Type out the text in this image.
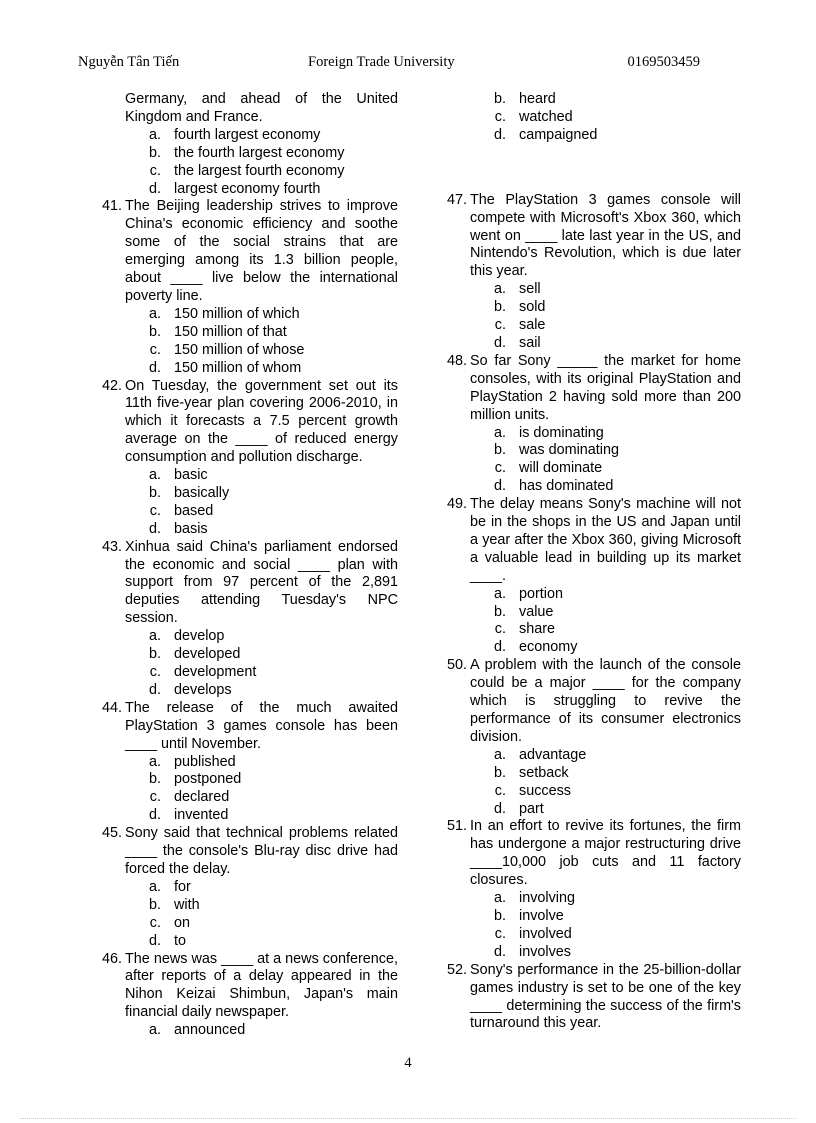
Nguyễn Tân Tiến	Foreign Trade University	0169503459
Germany, and ahead of the United Kingdom and France.
a. fourth largest economy
b. the fourth largest economy
c. the largest fourth economy
d. largest economy fourth
41. The Beijing leadership strives to improve China's economic efficiency and soothe some of the social strains that are emerging among its 1.3 billion people, about ____ live below the international poverty line.
a. 150 million of which
b. 150 million of that
c. 150 million of whose
d. 150 million of whom
42. On Tuesday, the government set out its 11th five-year plan covering 2006-2010, in which it forecasts a 7.5 percent growth average on the ____ of reduced energy consumption and pollution discharge.
a. basic
b. basically
c. based
d. basis
43. Xinhua said China's parliament endorsed the economic and social ____ plan with support from 97 percent of the 2,891 deputies attending Tuesday's NPC session.
a. develop
b. developed
c. development
d. develops
44. The release of the much awaited PlayStation 3 games console has been ____ until November.
a. published
b. postponed
c. declared
d. invented
45. Sony said that technical problems related ____ the console's Blu-ray disc drive had forced the delay.
a. for
b. with
c. on
d. to
46. The news was ____ at a news conference, after reports of a delay appeared in the Nihon Keizai Shimbun, Japan's main financial daily newspaper.
a. announced
b. heard
c. watched
d. campaigned
47. The PlayStation 3 games console will compete with Microsoft's Xbox 360, which went on ____ late last year in the US, and Nintendo's Revolution, which is due later this year.
a. sell
b. sold
c. sale
d. sail
48. So far Sony _____ the market for home consoles, with its original PlayStation and PlayStation 2 having sold more than 200 million units.
a. is dominating
b. was dominating
c. will dominate
d. has dominated
49. The delay means Sony's machine will not be in the shops in the US and Japan until a year after the Xbox 360, giving Microsoft a valuable lead in building up its market ____.
a. portion
b. value
c. share
d. economy
50. A problem with the launch of the console could be a major ____ for the company which is struggling to revive the performance of its consumer electronics division.
a. advantage
b. setback
c. success
d. part
51. In an effort to revive its fortunes, the firm has undergone a major restructuring drive ____10,000 job cuts and 11 factory closures.
a. involving
b. involve
c. involved
d. involves
52. Sony's performance in the 25-billion-dollar games industry is set to be one of the key ____ determining the success of the firm's turnaround this year.
4
